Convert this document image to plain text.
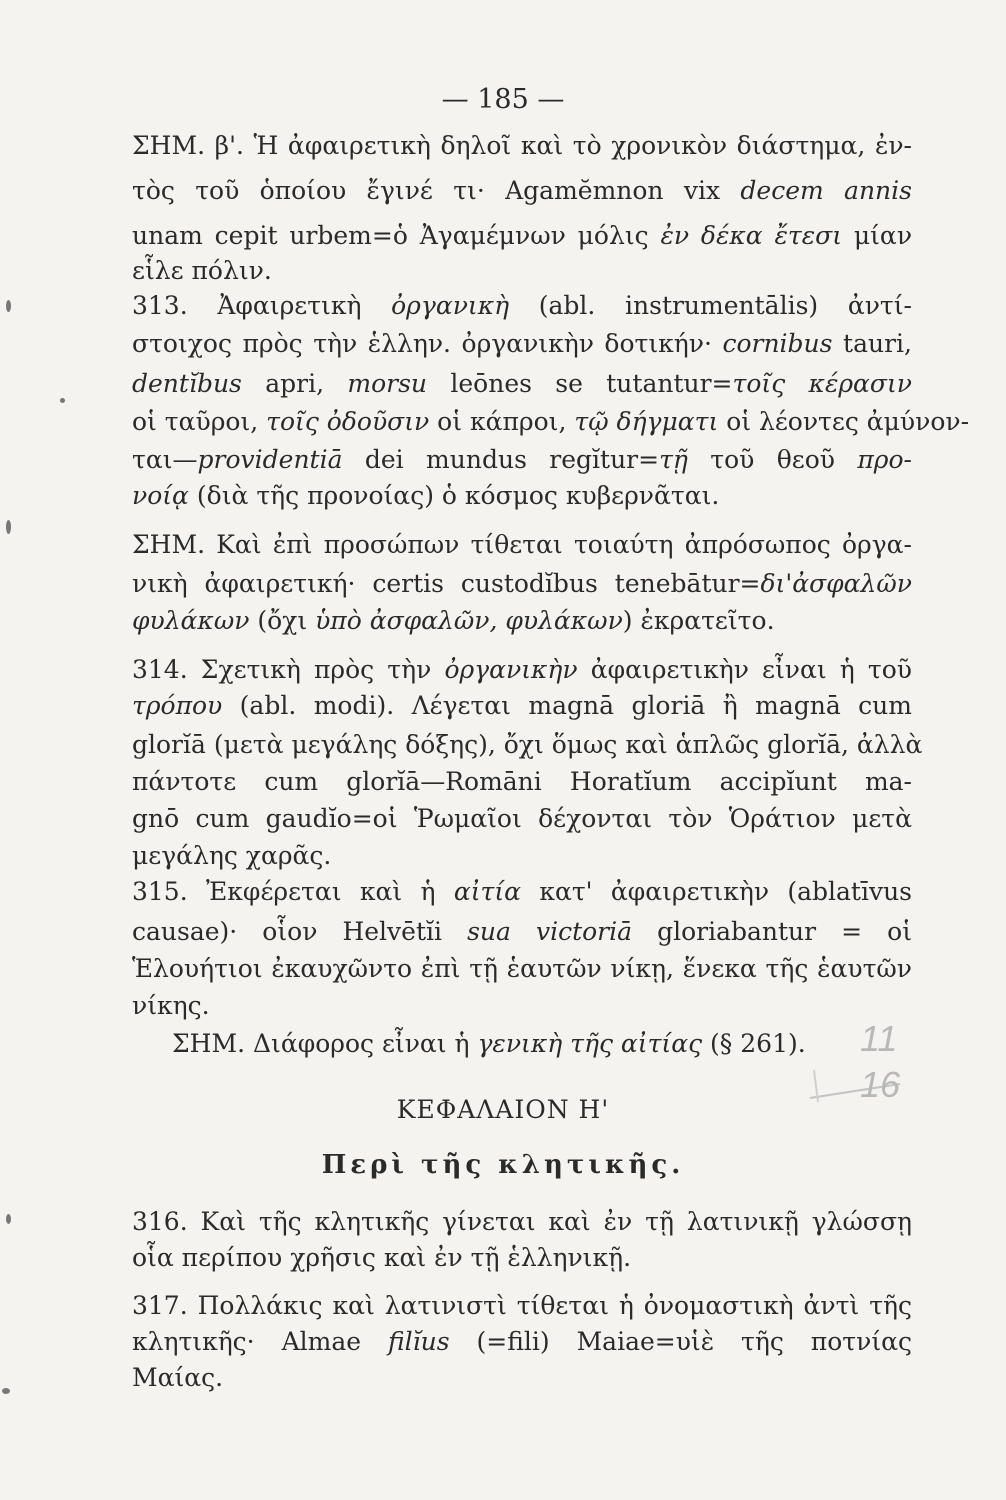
— 185 —
ΣΗΜ. β'. Ἡ ἀφαιρετικὴ δηλοῖ καὶ τὸ χρονικὸν διάστημα, ἐν-
τὸς τοῦ ὁποίου ἔγινέ τι· Agamĕmnon vix decem annis
unam cepit urbem=ὁ Ἀγαμέμνων μόλις ἐν δέκα ἔτεσι μίαν
εἷλε πόλιν.
313. Ἀφαιρετικὴ ὀργανικὴ (abl. instrumentālis) ἀντί-
στοιχος πρὸς τὴν ἑλλην. ὀργανικὴν δοτικήν· cornibus tauri,
dentĭbus apri, morsu leōnes se tutantur=τοῖς κέρασιν
οἱ ταῦροι, τοῖς ὀδοῦσιν οἱ κάπροι, τῷ δήγματι οἱ λέοντες ἀμύνον-
ται—providentiā dei mundus regĭtur=τῇ τοῦ θεοῦ προ-
νοίᾳ (διὰ τῆς προνοίας) ὁ κόσμος κυβερνᾶται.
ΣΗΜ. Καὶ ἐπὶ προσώπων τίθεται τοιαύτη ἀπρόσωπος ὀργα-
νικὴ ἀφαιρετική· certis custodĭbus tenebātur=δι'ἀσφαλῶν
φυλάκων (ὄχι ὑπὸ ἀσφαλῶν, φυλάκων) ἐκρατεῖτο.
314. Σχετικὴ πρὸς τὴν ὀργανικὴν ἀφαιρετικὴν εἶναι ἡ τοῦ
τρόπου (abl. modi). Λέγεται magnā gloriā ἢ magnā cum
glorĭā (μετὰ μεγάλης δόξης), ὄχι ὅμως καὶ ἁπλῶς glorĭā, ἀλλὰ
πάντοτε cum glorĭā—Romāni Horatĭum accipĭunt ma-
gnō cum gaudĭo=οἱ Ῥωμαῖοι δέχονται τὸν Ὁράτιον μετὰ
μεγάλης χαρᾶς.
315. Ἐκφέρεται καὶ ἡ αἰτία κατ' ἀφαιρετικὴν (ablatīvus
causae)· οἷον Helvētĭi sua victoriā gloriabantur = οἱ
Ἑλουήτιοι ἐκαυχῶντο ἐπὶ τῇ ἑαυτῶν νίκῃ, ἕνεκα τῆς ἑαυτῶν
νίκης.
ΣΗΜ. Διάφορος εἶναι ἡ γενικὴ τῆς αἰτίας (§ 261).
ΚΕΦΑΛΑΙΟΝ Η'
Περὶ τῆς κλητικῆς.
316. Καὶ τῆς κλητικῆς γίνεται καὶ ἐν τῇ λατινικῇ γλώσσῃ
οἷα περίπου χρῆσις καὶ ἐν τῇ ἑλληνικῇ.
317. Πολλάκις καὶ λατινιστὶ τίθεται ἡ ὀνομαστικὴ ἀντὶ τῆς
κλητικῆς· Almae filĭus (=fili) Maiae=υἱὲ τῆς ποτνίας
Μαίας.
11
16
